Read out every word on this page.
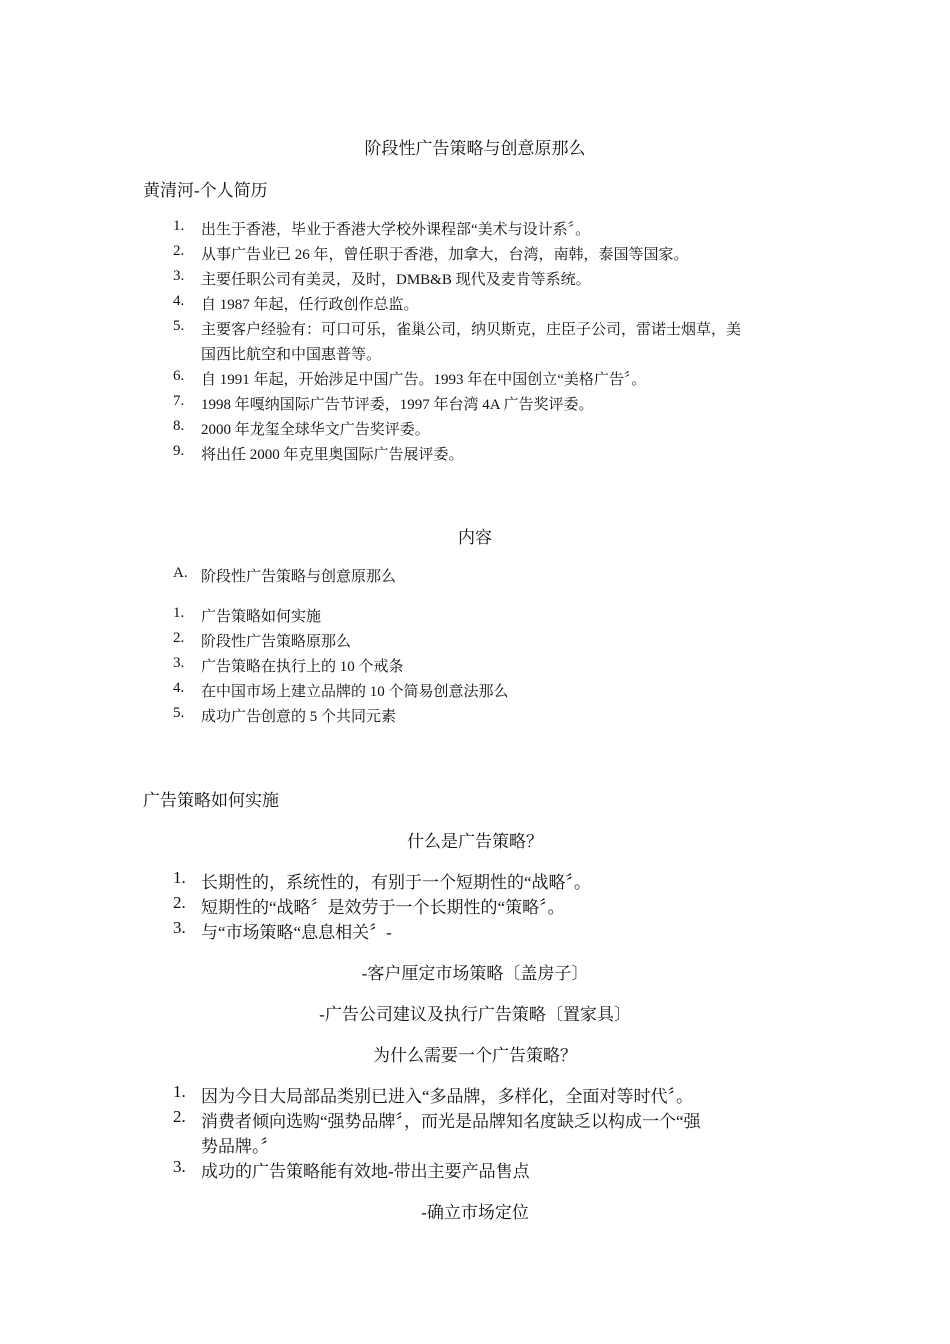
阶段性广告策略与创意原那么
黄清河-个人简历
1. 出生于香港，毕业于香港大学校外课程部“美术与设计系〞。
2. 从事广告业已 26 年，曾任职于香港，加拿大，台湾，南韩，泰国等国家。
3. 主要任职公司有美灵，及时，DMB&B 现代及麦肯等系统。
4. 自 1987 年起，任行政创作总监。
5. 主要客户经验有：可口可乐，雀巢公司，纳贝斯克，庄臣子公司，雷诺士烟草，美
国西比航空和中国惠普等。
6. 自 1991 年起，开始涉足中国广告。1993 年在中国创立“美格广告〞。
7. 1998 年嘎纳国际广告节评委，1997 年台湾 4A 广告奖评委。
8. 2000 年龙玺全球华文广告奖评委。
9. 将出任 2000 年克里奥国际广告展评委。
内容
A. 阶段性广告策略与创意原那么
1. 广告策略如何实施
2. 阶段性广告策略原那么
3. 广告策略在执行上的 10 个戒条
4. 在中国市场上建立品牌的 10 个简易创意法那么
5. 成功广告创意的 5 个共同元素
广告策略如何实施
什么是广告策略？
1. 长期性的，系统性的，有别于一个短期性的“战略〞。
2. 短期性的“战略〞是效劳于一个长期性的“策略〞。
3. 与“市场策略“息息相关〞-
-客户厘定市场策略〔盖房子〕
-广告公司建议及执行广告策略〔置家具〕
为什么需要一个广告策略？
1. 因为今日大局部品类别已进入“多品牌，多样化，全面对等时代〞。
2. 消费者倾向选购“强势品牌〞，而光是品牌知名度缺乏以构成一个“强
势品牌。〞
3. 成功的广告策略能有效地-带出主要产品售点
-确立市场定位
